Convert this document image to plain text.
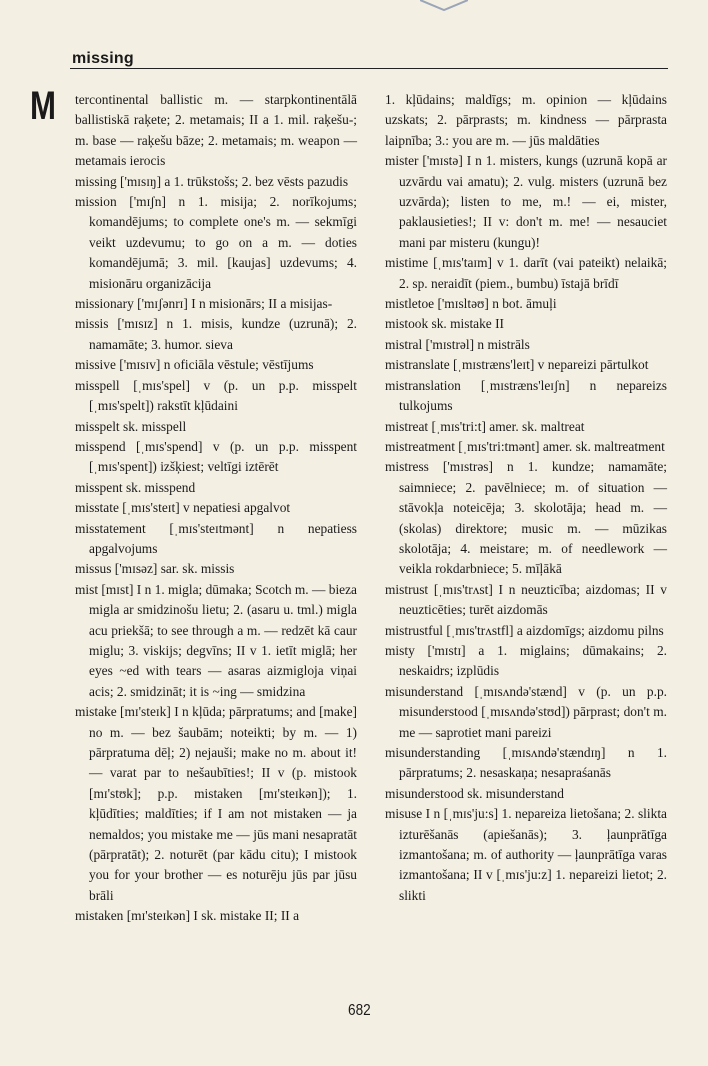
missing
M tercontinental ballistic m. — starpkontinentālā ballistiskā raķete; 2. metamais; II a 1. mil. raķešu-; m. base — raķešu bāze; 2. metamais; m. weapon — metamais ierocis

missing ['mɪsɪŋ] a 1. trūkstošs; 2. bez vēsts pazudis

mission ['mɪʃn] n 1. misija; 2. norīkojums; komandējums; to complete one's m. — sekmīgi veikt uzdevumu; to go on a m. — doties komandējumā; 3. mil. [kaujas] uzdevums; 4. misionāru organizācija

missionary ['mɪʃənrɪ] I n misionārs; II a misijas-

missis ['mɪsɪz] n 1. misis, kundze (uzrunā); 2. namamāte; 3. humor. sieva

missive ['mɪsɪv] n oficiāla vēstule; vēstījums

misspell [ˌmɪs'spel] v (p. un p.p. misspelt [ˌmɪs'spelt]) rakstīt kļūdaini

misspelt sk. misspell

misspend [ˌmɪs'spend] v (p. un p.p. misspent [ˌmɪs'spent]) izšķiest; veltīgi iztērēt

misspent sk. misspend

misstate [ˌmɪs'steɪt] v nepatiesi apgalvot

misstatement [ˌmɪs'steɪtmənt] n nepatiess apgalvojums

missus ['mɪsəz] sar. sk. missis

mist [mɪst] I n 1. migla; dūmaka; Scotch m. — bieza migla ar smidzinošu lietu; 2. (asaru u. tml.) migla acu priekšā; to see through a m. — redzēt kā caur miglu; 3. viskijs; degvīns; II v 1. ietīt miglā; her eyes ~ed with tears — asaras aizmigloja viņai acis; 2. smidzināt; it is ~ing — smidzina

mistake [mɪ'steɪk] I n kļūda; pārpratums; and [make] no m. — bez šaubām; noteikti; by m. — 1) pārpratuma dēļ; 2) nejauši; make no m. about it! — varat par to nešaubīties!; II v (p. mistook [mɪ'stʊk]; p.p. mistaken [mɪ'steɪkən]); 1. kļūdīties; maldīties; if I am not mistaken — ja nemaldos; you mistake me — jūs mani nesapratāt (pārpratāt); 2. noturēt (par kādu citu); I mistook you for your brother — es noturēju jūs par jūsu brāli

mistaken [mɪ'steɪkən] I sk. mistake II; II a

1. kļūdains; maldīgs; m. opinion — kļūdains uzskats; 2. pārprasts; m. kindness — pārprasta laipnība; 3.: you are m. — jūs maldāties

mister ['mɪstə] I n 1. misters, kungs (uzrunā kopā ar uzvārdu vai amatu); 2. vulg. misters (uzrunā bez uzvārda); listen to me, m.! — ei, mister, paklausieties!; II v: don't m. me! — nesauciet mani par misteru (kungu)!

mistime [ˌmɪs'taɪm] v 1. darīt (vai pateikt) nelaikā; 2. sp. neraidīt (piem., bumbu) īstajā brīdī

mistletoe ['mɪsltəʊ] n bot. āmuļi

mistook sk. mistake II

mistral ['mɪstrəl] n mistrāls

mistranslate [ˌmɪstræns'leɪt] v nepareizi pārtulkot

mistranslation [ˌmɪstræns'leɪʃn] n nepareizs tulkojums

mistreat [ˌmɪs'tri:t] amer. sk. maltreat

mistreatment [ˌmɪs'tri:tmənt] amer. sk. maltreatment

mistress ['mɪstrəs] n 1. kundze; namamāte; saimniece; 2. pavēlniece; m. of situation — stāvokļa noteicēja; 3. skolotāja; head m. — (skolas) direktore; music m. — mūzikas skolotāja; 4. meistare; m. of needlework — veikla rokdarbniece; 5. mīļākā

mistrust [ˌmɪs'trʌst] I n neuzticība; aizdomas; II v neuzticēties; turēt aizdomās

mistrustful [ˌmɪs'trʌstfl] a aizdomīgs; aizdomu pilns

misty ['mɪstɪ] a 1. miglains; dūmakains; 2. neskaidrs; izplūdis

misunderstand [ˌmɪsʌndə'stænd] v (p. un p.p. misunderstood [ˌmɪsʌndə'stʊd]) pārprast; don't m. me — saprotiet mani pareizi

misunderstanding [ˌmɪsʌndə'stændɪŋ] n 1. pārpratums; 2. nesaskaņa; nesapraśanās

misunderstood sk. misunderstand

misuse I n [ˌmɪs'ju:s] 1. nepareiza lietošana; 2. slikta izturēšanās (apiešanās); 3. ļaunprātīga izmantošana; m. of authority — ļaunprātīga varas izmantošana; II v [ˌmɪs'ju:z] 1. nepareizi lietot; 2. slikti

682
